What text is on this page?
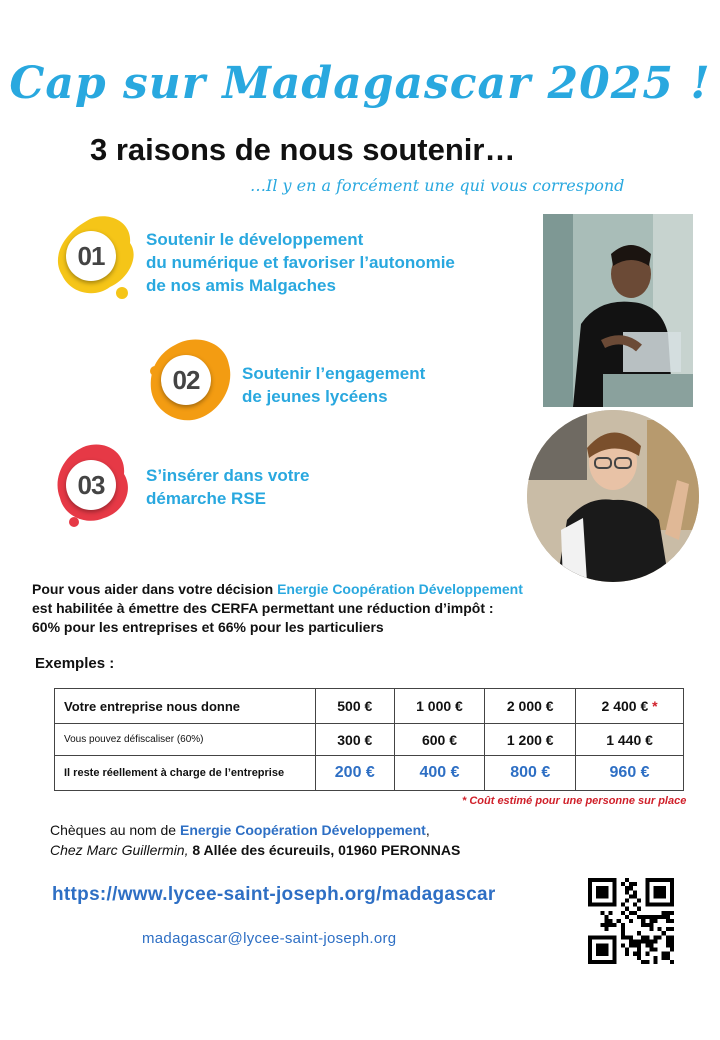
Cap sur Madagascar 2025 !
3 raisons de nous soutenir…
…Il y en a forcément une qui vous correspond
01
Soutenir le développement
du numérique et favoriser l’autonomie
de nos amis Malgaches
02	Soutenir l’engagement
de jeunes lycéens
03	S’insérer dans votre
démarche RSE
Pour vous aider dans votre décision Energie Coopération Développement
est habilitée à émettre des CERFA permettant une réduction d’impôt :
60% pour les entreprises et 66% pour les particuliers
Exemples :
Votre entreprise nous donne	500 €	1 000 €	2 000 €	2 400 € *
Vous pouvez défiscaliser (60%)	300 €	600 €	1 200 €	1 440 €
Il reste réellement à charge de l’entreprise	200 €	400 €	800 €	960 €
* Coût estimé pour une personne sur place
Chèques au nom de Energie Coopération Développement,
Chez Marc Guillermin, 8 Allée des écureuils, 01960 PERONNAS
https://www.lycee-saint-joseph.org/madagascar
madagascar@lycee-saint-joseph.org
